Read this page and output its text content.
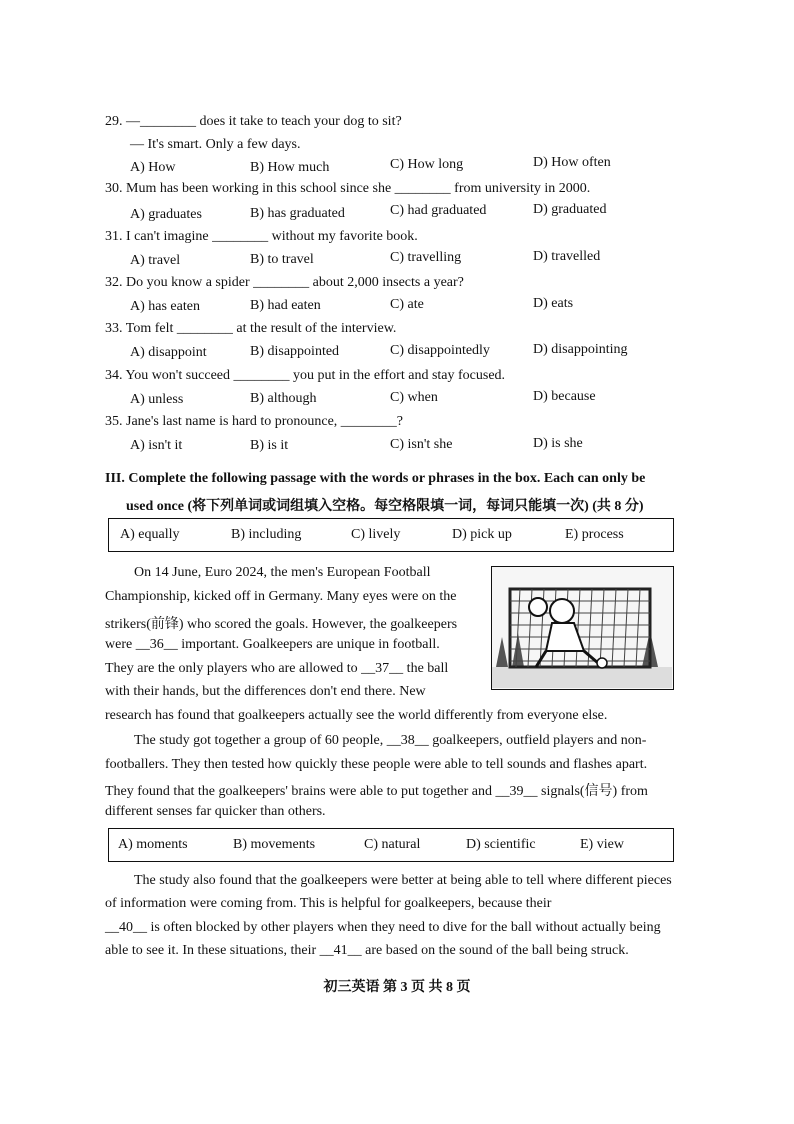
29. —________ does it take to teach your dog to sit?
— It's smart. Only a few days.
A) How	B) How much	C) How long	D) How often
30. Mum has been working in this school since she ________ from university in 2000.
A) graduates	B) has graduated	C) had graduated	D) graduated
31. I can't imagine ________ without my favorite book.
A) travel	B) to travel	C) travelling	D) travelled
32. Do you know a spider ________ about 2,000 insects a year?
A) has eaten	B) had eaten	C) ate	D) eats
33. Tom felt ________ at the result of the interview.
A) disappoint	B) disappointed	C) disappointedly	D) disappointing
34. You won't succeed ________ you put in the effort and stay focused.
A) unless	B) although	C) when	D) because
35. Jane's last name is hard to pronounce, ________?
A) isn't it	B) is it	C) isn't she	D) is she
III. Complete the following passage with the words or phrases in the box. Each can only be
used once (将下列单词或词组填入空格。每空格限填一词，每词只能填一次) (共 8 分)
A) equally	B) including	C) lively	D) pick up	E) process
On 14 June, Euro 2024, the men's European Football
Championship, kicked off in Germany. Many eyes were on the
strikers(前锋) who scored the goals. However, the goalkeepers
were __36__ important. Goalkeepers are unique in football.
They are the only players who are allowed to __37__ the ball
with their hands, but the differences don't end there. New
research has found that goalkeepers actually see the world differently from everyone else.
The study got together a group of 60 people, __38__ goalkeepers, outfield players and non-
footballers. They then tested how quickly these people were able to tell sounds and flashes apart.
They found that the goalkeepers' brains were able to put together and __39__ signals(信号) from
different senses far quicker than others.
A) moments	B) movements	C) natural	D) scientific	E) view
The study also found that the goalkeepers were better at being able to tell where different pieces
of information were coming from. This is helpful for goalkeepers, because their
__40__ is often blocked by other players when they need to dive for the ball without actually being
able to see it. In these situations, their __41__ are based on the sound of the ball being struck.
初三英语 第 3 页 共 8 页
